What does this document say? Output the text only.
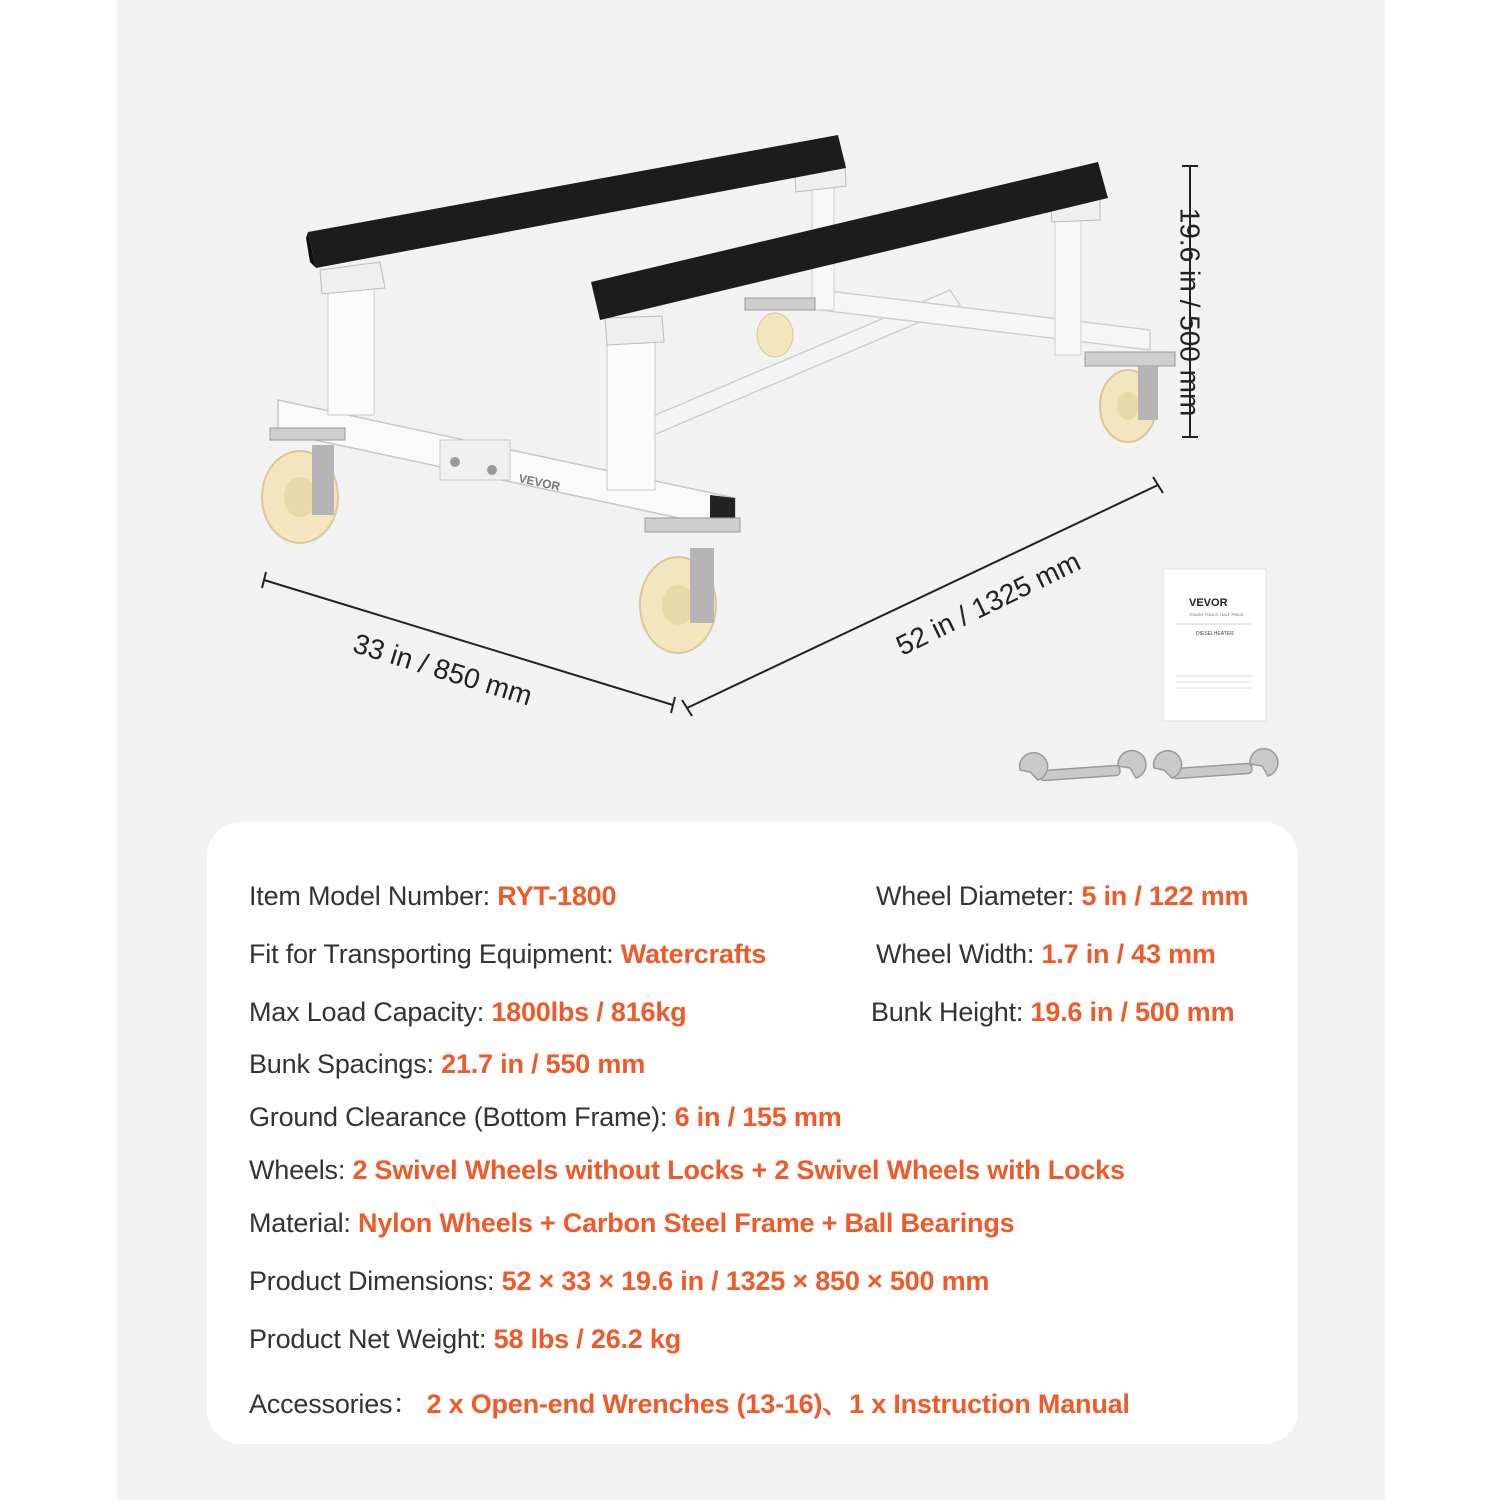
VEVOR
VEVOR
TOUGH TOOLS, HALF PRICE
DIESELHEATER
19.6 in / 500 mm
52 in / 1325 mm
33 in / 850 mm
Item Model Number: RYT-1800	Wheel Diameter: 5 in / 122 mm
Fit for Transporting Equipment: Watercrafts	Wheel Width: 1.7 in / 43 mm
Max Load Capacity: 1800lbs / 816kg	Bunk Height: 19.6 in / 500 mm
Bunk Spacings: 21.7 in / 550 mm
Ground Clearance (Bottom Frame): 6 in / 155 mm
Wheels: 2 Swivel Wheels without Locks + 2 Swivel Wheels with Locks
Material: Nylon Wheels + Carbon Steel Frame + Ball Bearings
Product Dimensions: 52 × 33 × 19.6 in / 1325 × 850 × 500 mm
Product Net Weight: 58 lbs / 26.2 kg
Accessories： 2 x Open-end Wrenches (13-16)、1 x Instruction Manual
